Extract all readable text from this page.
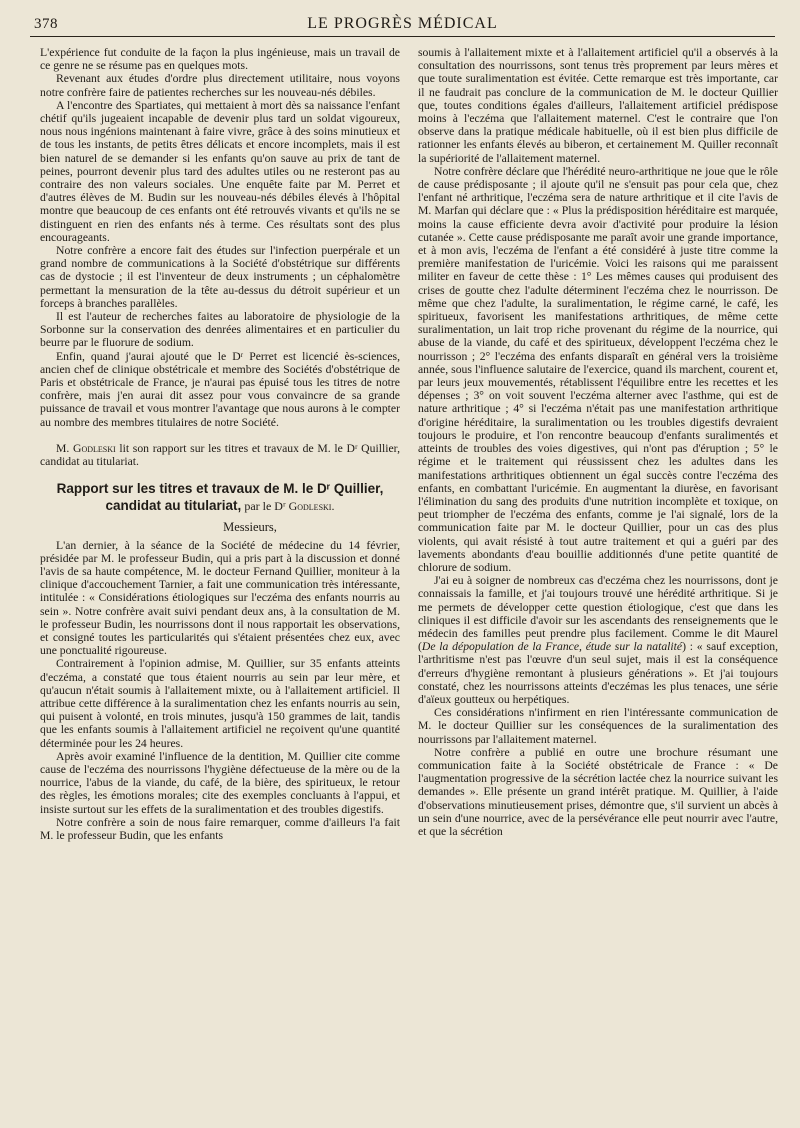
378	LE PROGRÈS MÉDICAL

L'expérience fut conduite de la façon la plus ingénieuse, mais un travail de ce genre ne se résume pas en quelques mots.

Revenant aux études d'ordre plus directement utilitaire, nous voyons notre confrère faire de patientes recherches sur les nouveau-nés débiles.

A l'encontre des Spartiates, qui mettaient à mort dès sa naissance l'enfant chétif qu'ils jugeaient incapable de devenir plus tard un soldat vigoureux, nous nous ingénions maintenant à faire vivre, grâce à des soins minutieux et de tous les instants, de petits êtres délicats et encore incomplets, mais il est bien naturel de se demander si les enfants qu'on sauve au prix de tant de peines, pourront devenir plus tard des adultes utiles ou ne resteront pas au contraire des non valeurs sociales. Une enquête faite par M. Perret et d'autres élèves de M. Budin sur les nouveau-nés débiles élevés à l'hôpital montre que beaucoup de ces enfants ont été retrouvés vivants et qu'ils ne se distinguent en rien des enfants nés à terme. Ces résultats sont des plus encourageants.

Notre confrère a encore fait des études sur l'infection puerpérale et un grand nombre de communications à la Société d'obstétrique sur différents cas de dystocie ; il est l'inventeur de deux instruments ; un céphalomètre permettant la mensuration de la tête au-dessus du détroit supérieur et un forceps à branches parallèles.

Il est l'auteur de recherches faites au laboratoire de physiologie de la Sorbonne sur la conservation des denrées alimentaires et en particulier du beurre par le fluorure de sodium.

Enfin, quand j'aurai ajouté que le Dʳ Perret est licencié ès-sciences, ancien chef de clinique obstétricale et membre des Sociétés d'obstétrique de Paris et obstétricale de France, je n'aurai pas épuisé tous les titres de notre confrère, mais j'en aurai dit assez pour vous convaincre de sa grande puissance de travail et vous montrer l'avantage que nous aurons à le compter au nombre des membres titulaires de notre Société.

M. Godleski lit son rapport sur les titres et travaux de M. le Dʳ Quillier, candidat au titulariat.

Rapport sur les titres et travaux de M. le Dʳ Quillier, candidat au titulariat, par le Dʳ Godleski.
Messieurs,

L'an dernier, à la séance de la Société de médecine du 14 février, présidée par M. le professeur Budin, qui a pris part à la discussion et donné l'avis de sa haute compétence, M. le docteur Fernand Quillier, moniteur à la clinique d'accouchement Tarnier, a fait une communication très intéressante, intitulée : « Considérations étiologiques sur l'eczéma des enfants nourris au sein ». Notre confrère avait suivi pendant deux ans, à la consultation de M. le professeur Budin, les nourrissons dont il nous rapportait les observations, et consigné toutes les particularités qui s'étaient présentées chez eux, avec une ponctualité rigoureuse.

Contrairement à l'opinion admise, M. Quillier, sur 35 enfants atteints d'eczéma, a constaté que tous étaient nourris au sein par leur mère, et qu'aucun n'était soumis à l'allaitement mixte, ou à l'allaitement artificiel. Il attribue cette différence à la suralimentation chez les enfants nourris au sein, qui puisent à volonté, en trois minutes, jusqu'à 150 grammes de lait, tandis que les enfants soumis à l'allaitement artificiel ne reçoivent qu'une quantité déterminée pour les 24 heures.

Après avoir examiné l'influence de la dentition, M. Quillier cite comme cause de l'eczéma des nourrissons l'hygiène défectueuse de la mère ou de la nourrice, l'abus de la viande, du café, de la bière, des spiritueux, le retour des règles, les émotions morales; cite des exemples concluants à l'appui, et insiste surtout sur les effets de la suralimentation et des troubles digestifs.

Notre confrère a soin de nous faire remarquer, comme d'ailleurs l'a fait M. le professeur Budin, que les enfants

soumis à l'allaitement mixte et à l'allaitement artificiel qu'il a observés à la consultation des nourrissons, sont tenus très proprement par leurs mères et que toute suralimentation est évitée. Cette remarque est très importante, car il ne faudrait pas conclure de la communication de M. le docteur Quillier que, toutes conditions égales d'ailleurs, l'allaitement artificiel prédispose moins à l'eczéma que l'allaitement maternel. C'est le contraire que l'on observe dans la pratique médicale habituelle, où il est bien plus difficile de rationner les enfants élevés au biberon, et certainement M. Quiller reconnaît la supériorité de l'allaitement maternel.

Notre confrère déclare que l'hérédité neuro-arthritique ne joue que le rôle de cause prédisposante ; il ajoute qu'il ne s'ensuit pas pour cela que, chez l'enfant né arthritique, l'eczéma sera de nature arthritique et il cite l'avis de M. Marfan qui déclare que : « Plus la prédisposition héréditaire est marquée, moins la cause efficiente devra avoir d'activité pour produire la lésion cutanée ». Cette cause prédisposante me paraît avoir une grande importance, et à mon avis, l'eczéma de l'enfant a été considéré à juste titre comme la première manifestation de l'uricémie. Voici les raisons qui me paraissent militer en faveur de cette thèse : 1° Les mêmes causes qui produisent des crises de goutte chez l'adulte déterminent l'eczéma chez le nourrisson. De même que chez l'adulte, la suralimentation, le régime carné, le café, les spiritueux, favorisent les manifestations arthritiques, de même cette suralimentation, un lait trop riche provenant du régime de la nourrice, qui abuse de la viande, du café et des spiritueux, développent l'eczéma chez le nourrisson ; 2° l'eczéma des enfants disparaît en général vers la troisième année, sous l'influence salutaire de l'exercice, quand ils marchent, courent et, par leurs jeux mouvementés, rétablissent l'équilibre entre les recettes et les dépenses ; 3° on voit souvent l'eczéma alterner avec l'asthme, qui est de nature arthritique ; 4° si l'eczéma n'était pas une manifestation arthritique d'origine héréditaire, la suralimentation ou les troubles digestifs devraient toujours le produire, et l'on rencontre beaucoup d'enfants suralimentés et atteints de troubles des voies digestives, qui n'ont pas d'éruption ; 5° le régime et le traitement qui réussissent chez les adultes dans les manifestations arthritiques obtiennent un égal succès contre l'eczéma des enfants, en combattant l'uricémie. En augmentant la diurèse, en favorisant l'élimination du sang des produits d'une nutrition incomplète et toxique, on peut triompher de l'eczéma des enfants, comme je l'ai signalé, lors de la communication faite par M. le docteur Quillier, pour un cas des plus violents, qui avait résisté à tout autre traitement et qui a guéri par des lavements abondants d'eau bouillie additionnés d'une petite quantité de chlorure de sodium.

J'ai eu à soigner de nombreux cas d'eczéma chez les nourrissons, dont je connaissais la famille, et j'ai toujours trouvé une hérédité arthritique. Si je me permets de développer cette question étiologique, c'est que dans les cliniques il est difficile d'avoir sur les ascendants des renseignements que le médecin des familles peut prendre plus facilement. Comme le dit Maurel (De la dépopulation de la France, étude sur la natalité) : « sauf exception, l'arthritisme n'est pas l'œuvre d'un seul sujet, mais il est la conséquence d'erreurs d'hygiène remontant à plusieurs générations ». Et j'ai toujours constaté, chez les nourrissons atteints d'eczémas les plus tenaces, une série d'aïeux goutteux ou herpétiques.

Ces considérations n'infirment en rien l'intéressante communication de M. le docteur Quillier sur les conséquences de la suralimentation des nourrissons par l'allaitement maternel.

Notre confrère a publié en outre une brochure résumant une communication faite à la Société obstétricale de France : « De l'augmentation progressive de la sécrétion lactée chez la nourrice suivant les demandes ». Elle présente un grand intérêt pratique. M. Quillier, à l'aide d'observations minutieusement prises, démontre que, s'il survient un abcès à un sein d'une nourrice, avec de la persévérance elle peut nourrir avec l'autre, et que la sécrétion
